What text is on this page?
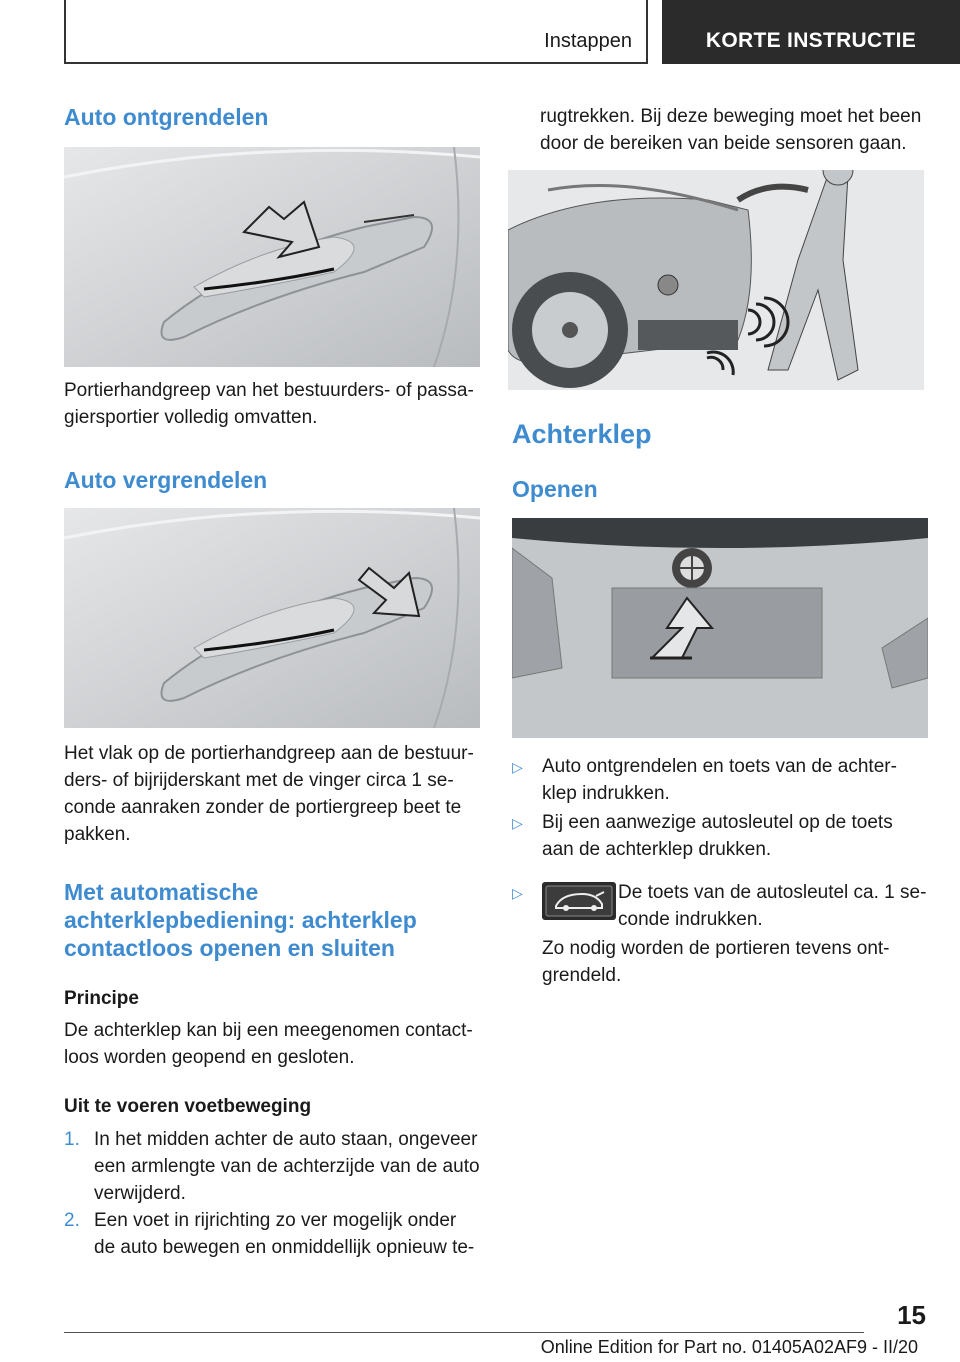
Instappen	KORTE INSTRUCTIE
Auto ontgrendelen
Portierhandgreep van het bestuurders- of passa-
giersportier volledig omvatten.
Auto vergrendelen
Het vlak op de portierhandgreep aan de bestuur-
ders- of bijrijderskant met de vinger circa 1 se-
conde aanraken zonder de portiergreep beet te
pakken.
Met automatische
achterklepbediening: achterklep
contactloos openen en sluiten
Principe
De achterklep kan bij een meegenomen contact-
loos worden geopend en gesloten.
Uit te voeren voetbeweging
1. In het midden achter de auto staan, ongeveer
een armlengte van de achterzijde van de auto
verwijderd.
2. Een voet in rijrichting zo ver mogelijk onder
de auto bewegen en onmiddellijk opnieuw te-
rugtrekken. Bij deze beweging moet het been
door de bereiken van beide sensoren gaan.
Achterklep
Openen
▷ Auto ontgrendelen en toets van de achter-
klep indrukken.
▷ Bij een aanwezige autosleutel op de toets
aan de achterklep drukken.
▷	De toets van de autosleutel ca. 1 se-
conde indrukken.
Zo nodig worden de portieren tevens ont-
grendeld.
15
Online Edition for Part no. 01405A02AF9 - II/20
